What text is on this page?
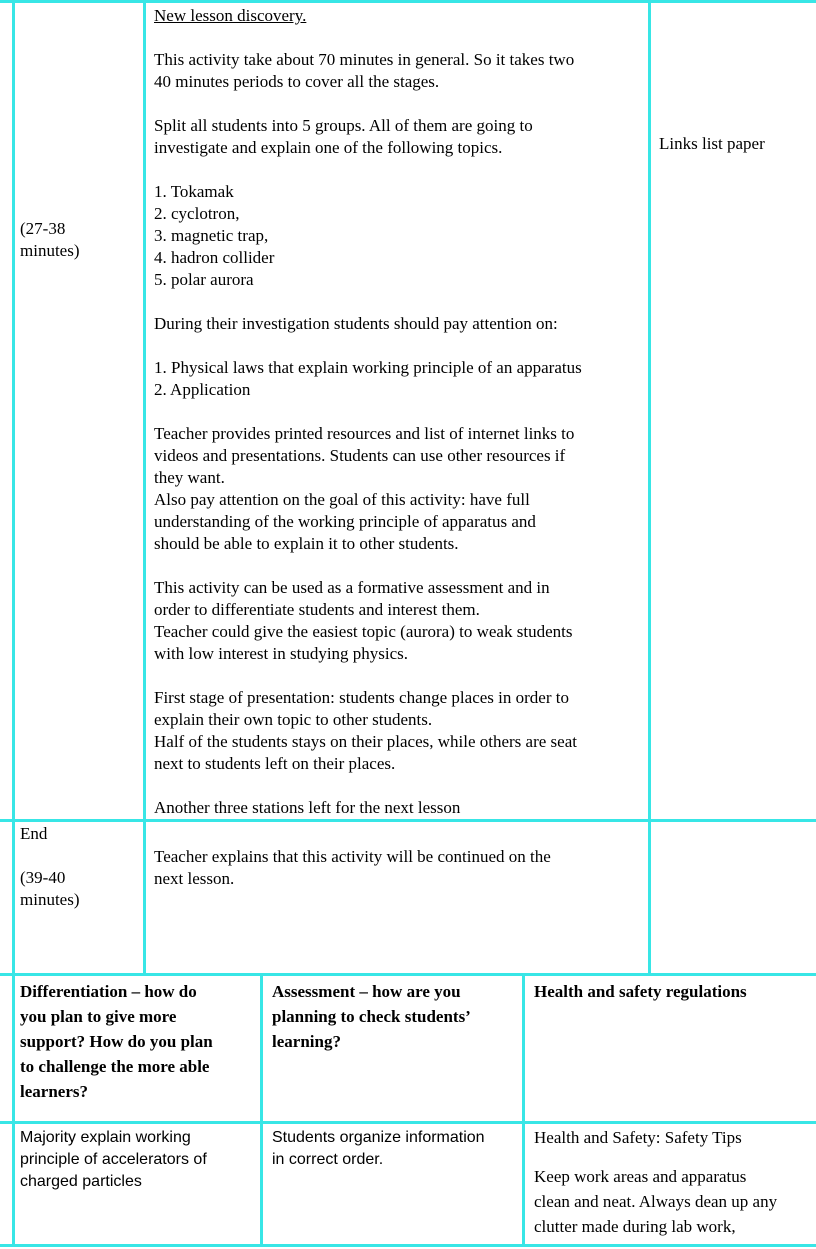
(27-38

minutes)

New lesson discovery.

This activity take about 70 minutes in general. So it takes two

40 minutes periods to cover all the stages.

Split all students into 5 groups. All of them are going to

investigate and explain one of the following topics.

1. Tokamak

2. cyclotron,

3. magnetic trap,

4. hadron collider

5. polar aurora

During their investigation students should pay attention on:

1. Physical laws that explain working principle of an apparatus

2. Application

Teacher provides printed resources and list of internet links to

videos and presentations. Students can use other resources if

they want.

Also pay attention on the goal of this activity: have full

understanding of the working principle of apparatus and

should be able to explain it to other students.

This activity can be used as a formative assessment and in

order to differentiate students and interest them.

Teacher could give the easiest topic (aurora) to weak students

with low interest in studying physics.

First stage of presentation: students change places in order to

explain their own topic to other students.

Half of the students stays on their places, while others are seat

next to students left on their places.

Another three stations left for the next lesson

Links list paper

End

(39-40

minutes)

Teacher explains that this activity will be continued on the

next lesson.

Differentiation – how do

you plan to give more

support? How do you plan

to challenge the more able

learners?

Assessment – how are you

planning to check students’

learning?

Health and safety regulations

Majority explain working

principle of accelerators of

charged particles

Students organize information

in correct order.

Health and Safety: Safety Tips

Keep work areas and apparatus

clean and neat. Always dean up any

clutter made during lab work,
